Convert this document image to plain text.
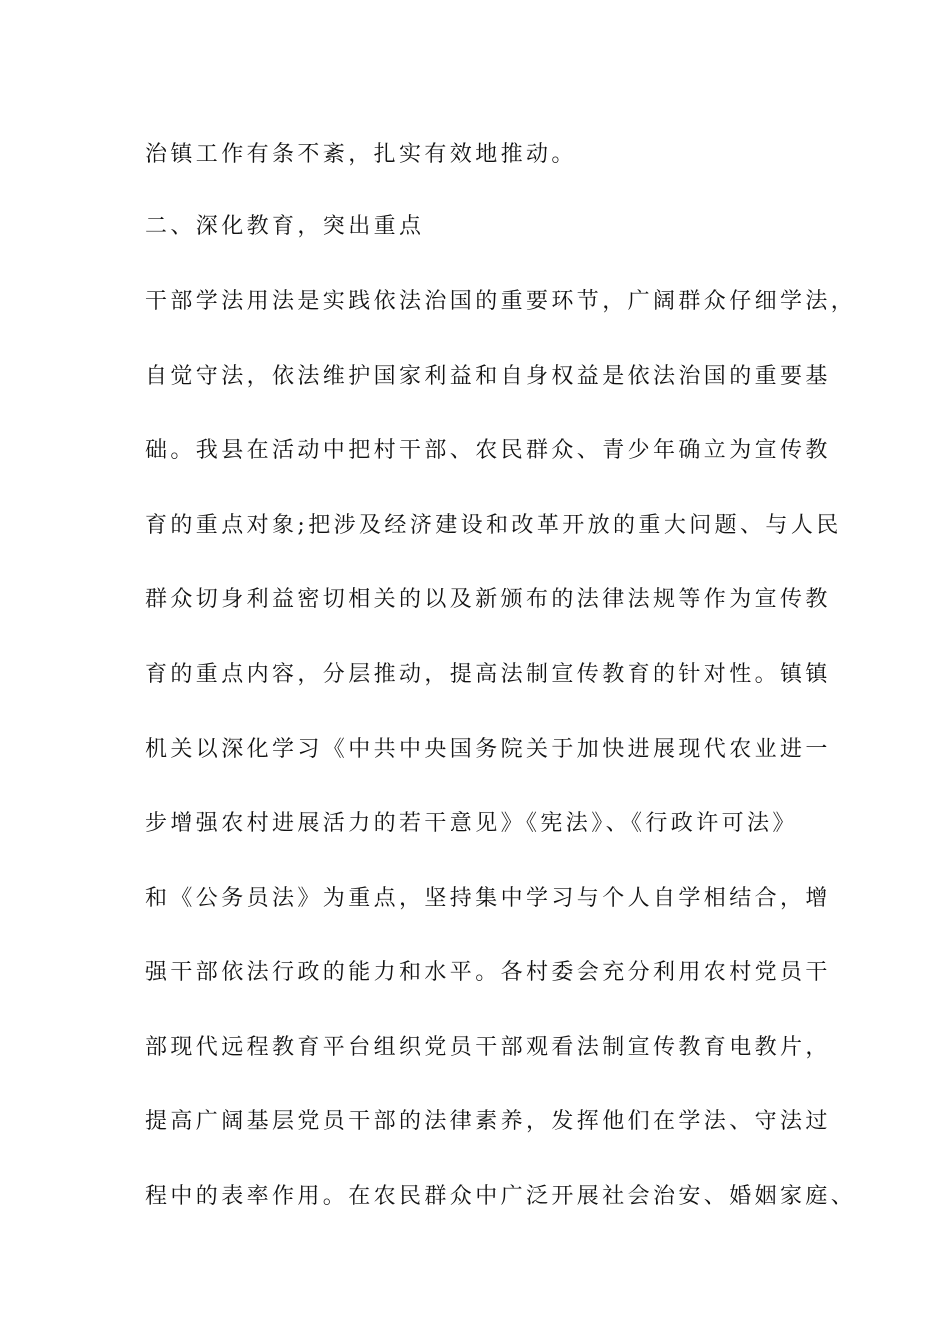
治镇工作有条不紊，扎实有效地推动。
二、深化教育，突出重点
干部学法用法是实践依法治国的重要环节，广阔群众仔细学法，
自觉守法，依法维护国家利益和自身权益是依法治国的重要基
础。我县在活动中把村干部、农民群众、青少年确立为宣传教
育的重点对象;把涉及经济建设和改革开放的重大问题、与人民
群众切身利益密切相关的以及新颁布的法律法规等作为宣传教
育的重点内容，分层推动，提高法制宣传教育的针对性。镇镇
机关以深化学习《中共中央国务院关于加快进展现代农业进一
步增强农村进展活力的若干意见》《宪法》、《行政许可法》
和《公务员法》为重点，坚持集中学习与个人自学相结合，增
强干部依法行政的能力和水平。各村委会充分利用农村党员干
部现代远程教育平台组织党员干部观看法制宣传教育电教片，
提高广阔基层党员干部的法律素养，发挥他们在学法、守法过
程中的表率作用。在农民群众中广泛开展社会治安、婚姻家庭、
